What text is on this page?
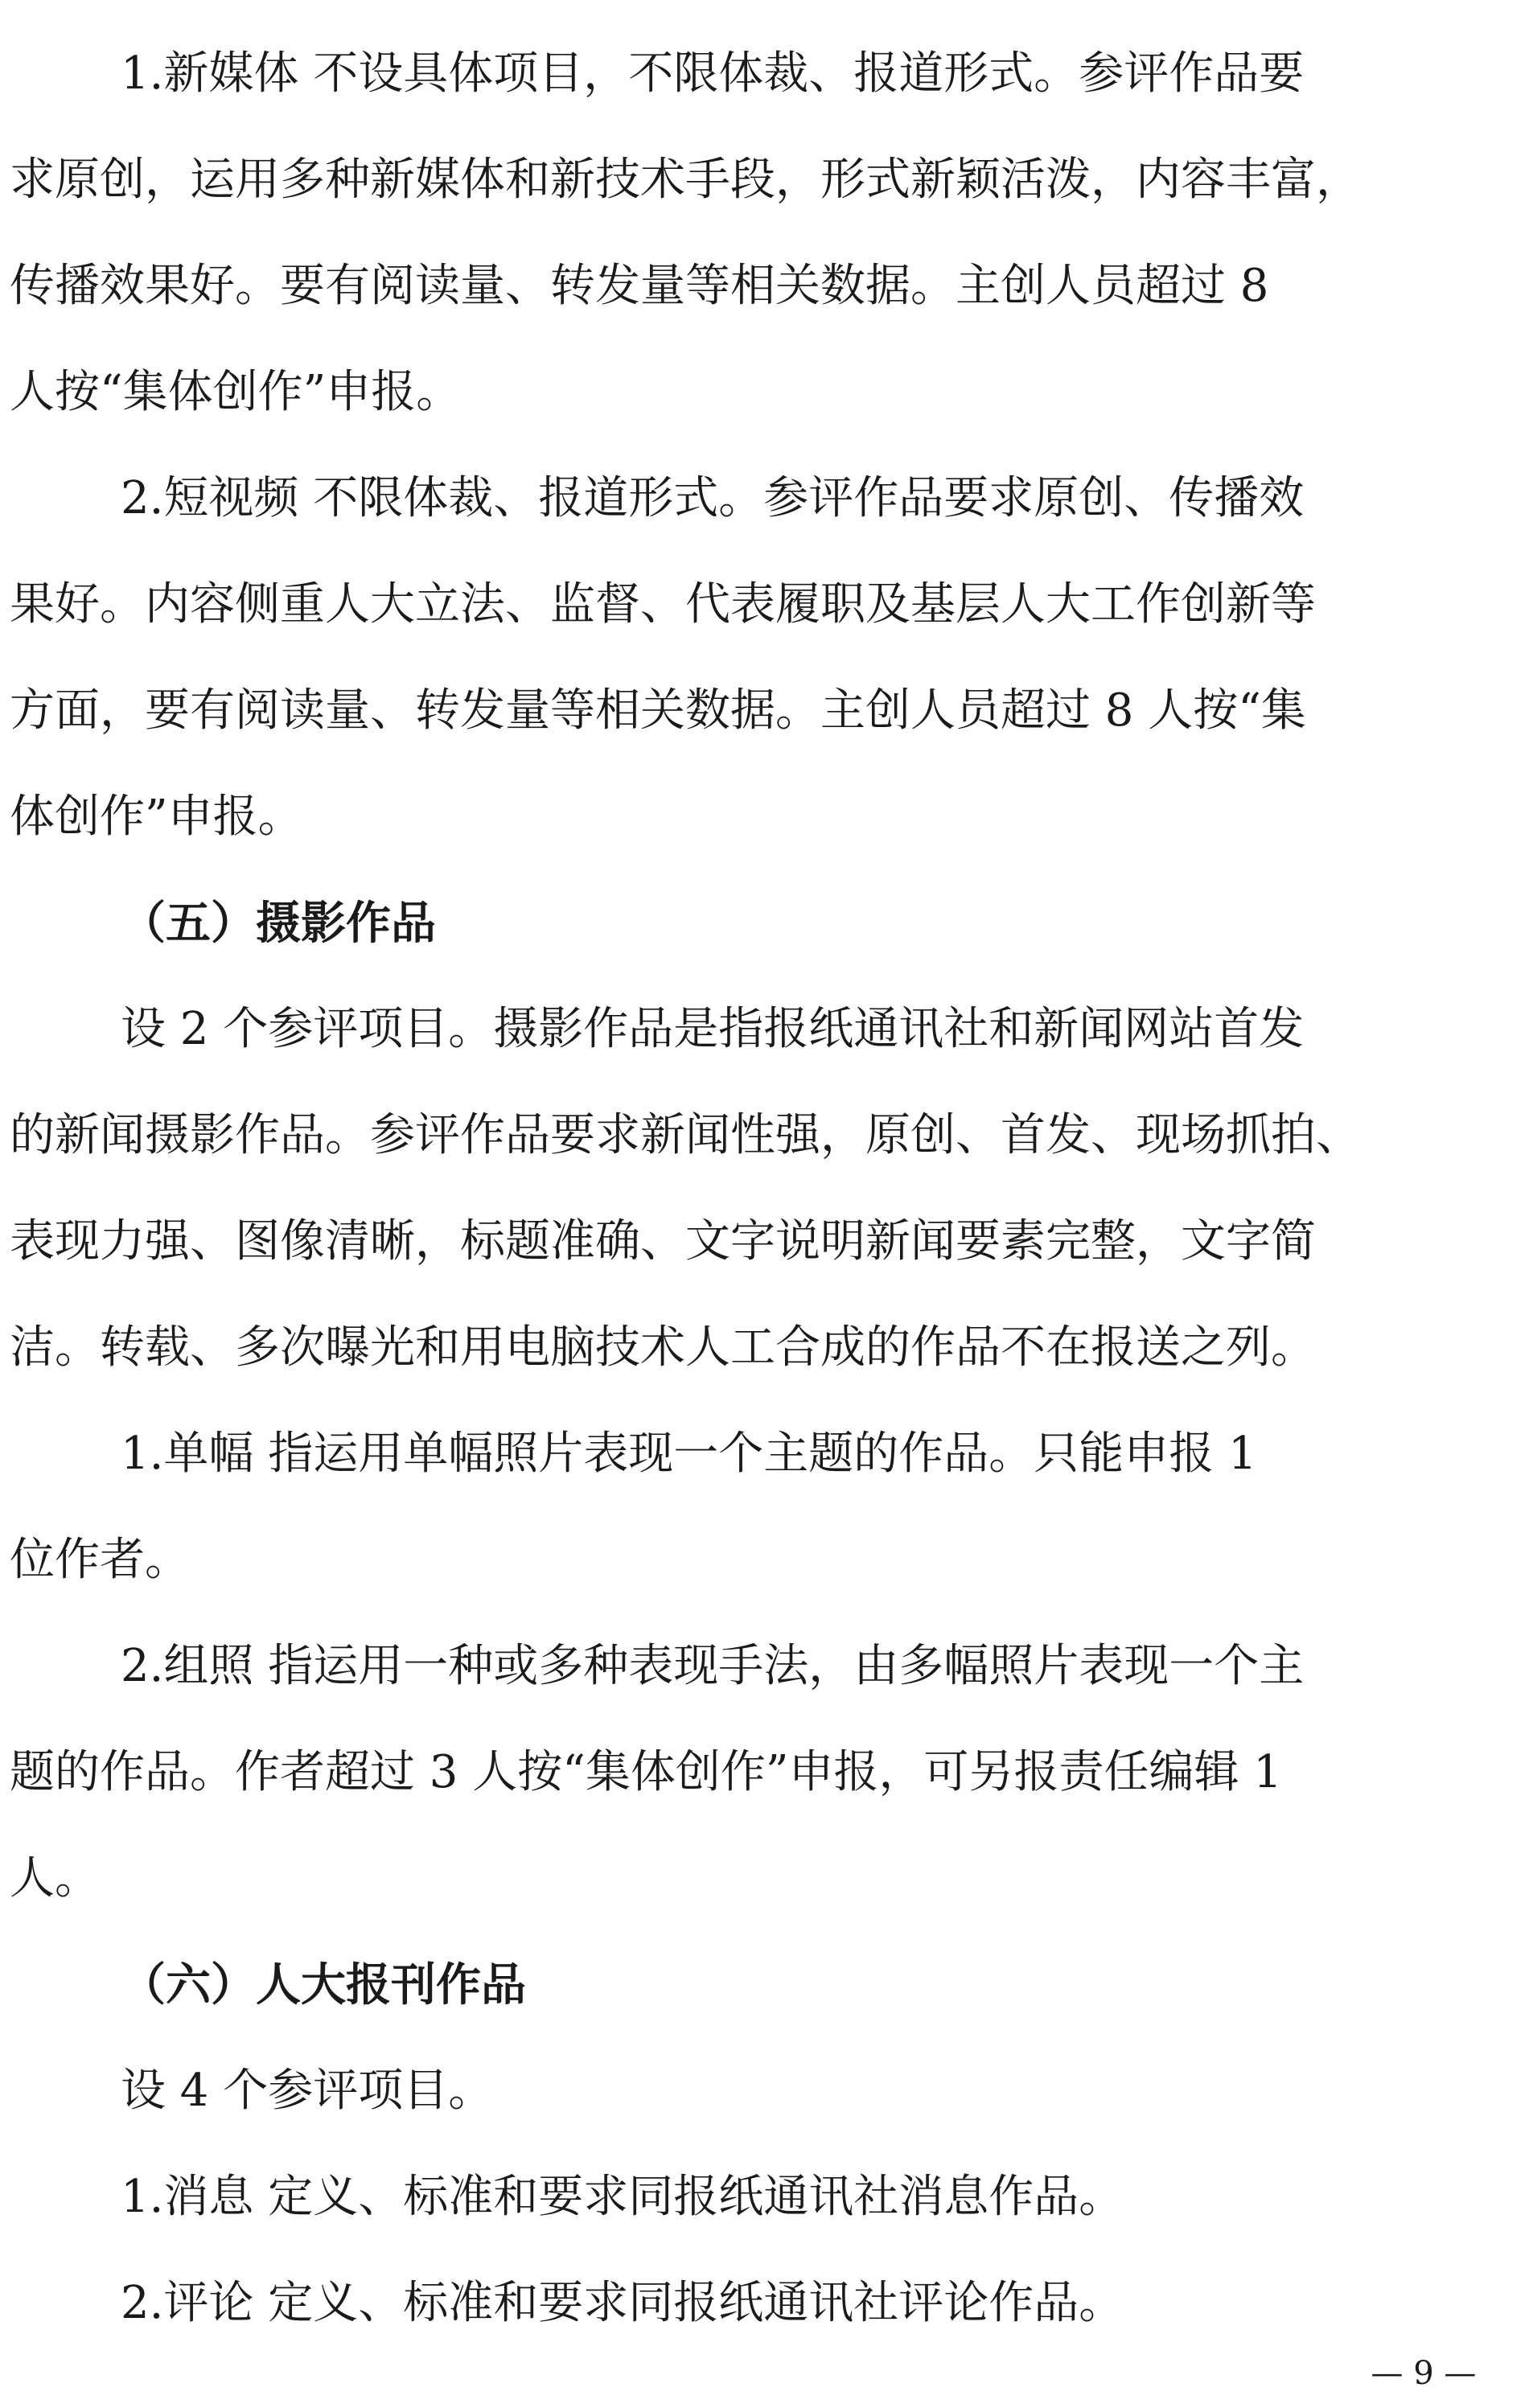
1.新媒体 不设具体项目，不限体裁、报道形式。参评作品要
求原创，运用多种新媒体和新技术手段，形式新颖活泼，内容丰富，
传播效果好。要有阅读量、转发量等相关数据。主创人员超过 8
人按“集体创作”申报。
2.短视频 不限体裁、报道形式。参评作品要求原创、传播效
果好。内容侧重人大立法、监督、代表履职及基层人大工作创新等
方面，要有阅读量、转发量等相关数据。主创人员超过 8 人按“集
体创作”申报。
（五）摄影作品
设 2 个参评项目。摄影作品是指报纸通讯社和新闻网站首发
的新闻摄影作品。参评作品要求新闻性强，原创、首发、现场抓拍、
表现力强、图像清晰，标题准确、文字说明新闻要素完整，文字简
洁。转载、多次曝光和用电脑技术人工合成的作品不在报送之列。
1.单幅 指运用单幅照片表现一个主题的作品。只能申报 1
位作者。
2.组照 指运用一种或多种表现手法，由多幅照片表现一个主
题的作品。作者超过 3 人按“集体创作”申报，可另报责任编辑 1
人。
（六）人大报刊作品
设 4 个参评项目。
1.消息 定义、标准和要求同报纸通讯社消息作品。
2.评论 定义、标准和要求同报纸通讯社评论作品。
— 9 —
